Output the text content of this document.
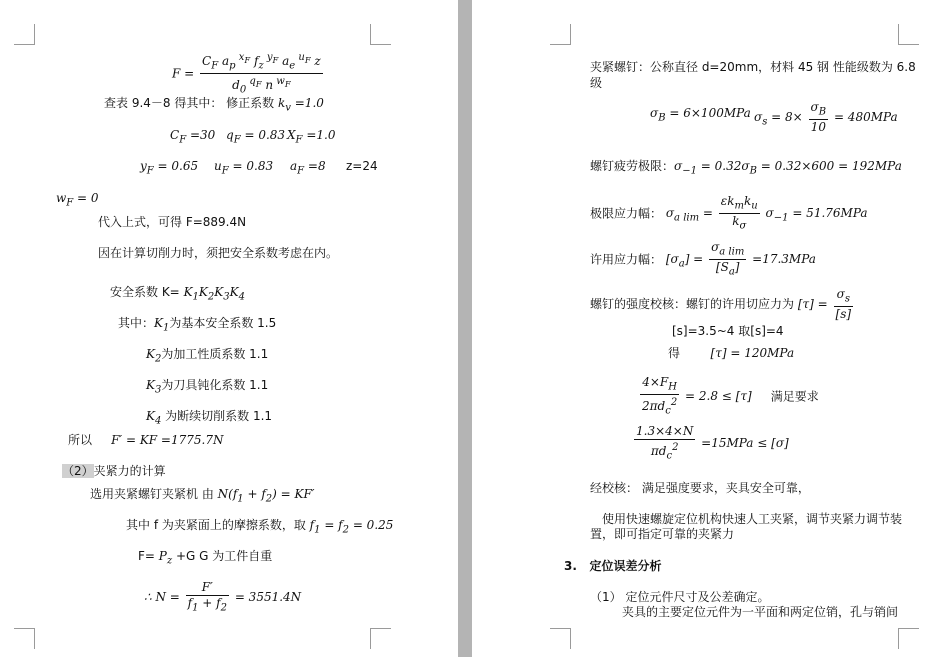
$F = \frac{C_F a_p ^{x_F} f_z ^{y_F} a_e ^{u_F} z}{d_0 ^{q_F} n ^{w_F}}$
查表 9.4－8 得其中： 修正系数 $k_v =1.0$
$C_F =30$ $q_F = 0.83$ $X_F =1.0$
$y_F = 0.65$ $u_F = 0.83$ $a_F =8$ z=24
$w_F = 0$
代入上式，可得 F=889.4N
因在计算切削力时，须把安全系数考虑在内。
安全系数 $K= K_1K_2K_3K_4$
其中：$K_1$为基本安全系数 1.5
$K_2$为加工性质系数 1.1
$K_3$为刀具钝化系数 1.1
$K_4$ 为断续切削系数 1.1
所以 F′ = KF =1775.7N
（2）夹紧力的计算
选用夹紧螺钉夹紧机 由 $N(f_1 + f_2) = KF'$
其中 f 为夹紧面上的摩擦系数，取 $f_1 = f_2 = 0.25$
$F= P_z +G$ G 为工件自重
∴ $N = \frac{F'}{f_1 + f_2} = 3551.4N$
夹紧螺钉：公称直径 d=20mm，材料 45 钢 性能级数为 6.8
级
$\sigma_B = 6\times 100MPa$ $\sigma_s = 8\times \frac{\sigma_B}{10} = 480MPa$
螺钉疲劳极限：$\sigma_{-1} = 0.32\sigma_B = 0.32\times 600 = 192MPa$
极限应力幅： $\sigma_{a lim} = \frac{\varepsilon k_mk_u}{k_\sigma} \sigma_{-1} = 51.76MPa$
许用应力幅： $[\sigma_a] = \frac{\sigma_{a lim}}{[S_a]} =17.3MPa$
螺钉的强度校核：螺钉的许用切应力为 $[\tau] = \frac{\sigma_s}{[s]}$
[s]=3.5~4 取[s]=4
得	[τ] = 120MPa
$\frac{4\times F_H}{2\pi d_c^2} = 2.8 \le [\tau]$ 满足要求
$\frac{1.3\times 4\times N}{\pi d_c^2} =15MPa \le [\sigma]$
经校核： 满足强度要求，夹具安全可靠，
使用快速螺旋定位机构快速人工夹紧，调节夹紧力调节装置，即可指定可靠的夹紧力
3. 定位误差分析
（1） 定位元件尺寸及公差确定。
夹具的主要定位元件为一平面和两定位销，孔与销间
